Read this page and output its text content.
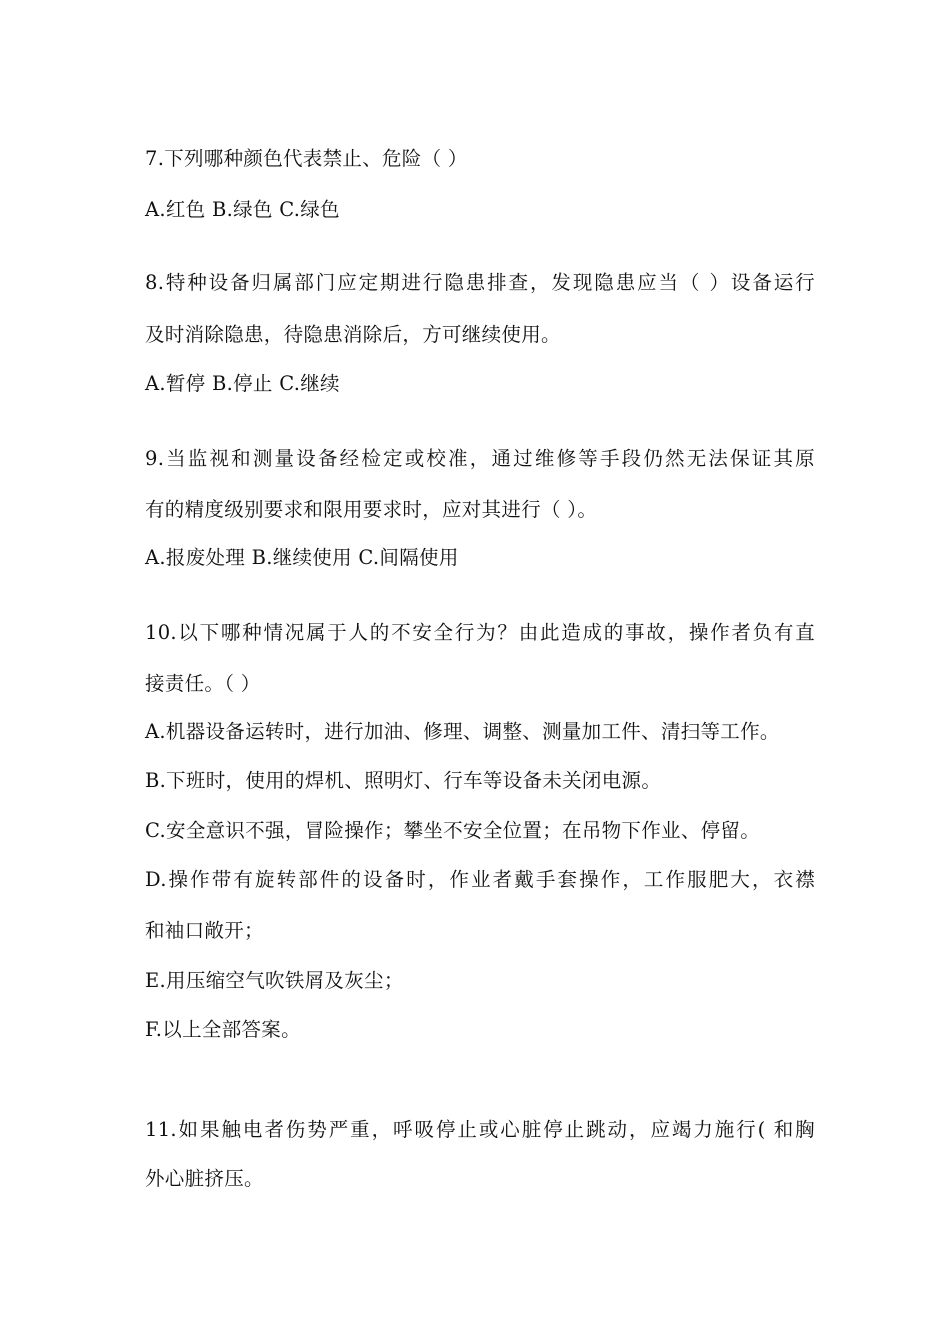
7.下列哪种颜色代表禁止、危险（ ）
A.红色 B.绿色 C.绿色
8.特种设备归属部门应定期进行隐患排查，发现隐患应当（ ）设备运行
及时消除隐患，待隐患消除后，方可继续使用。
A.暂停 B.停止 C.继续
9.当监视和测量设备经检定或校准，通过维修等手段仍然无法保证其原
有的精度级别要求和限用要求时，应对其进行（ ）。
A.报废处理 B.继续使用 C.间隔使用
10.以下哪种情况属于人的不安全行为？由此造成的事故，操作者负有直
接责任。（ ）
A.机器设备运转时，进行加油、修理、调整、测量加工件、清扫等工作。
B.下班时，使用的焊机、照明灯、行车等设备未关闭电源。
C.安全意识不强，冒险操作；攀坐不安全位置；在吊物下作业、停留。
D.操作带有旋转部件的设备时，作业者戴手套操作，工作服肥大，衣襟
和袖口敞开；
E.用压缩空气吹铁屑及灰尘；
F.以上全部答案。
11.如果触电者伤势严重，呼吸停止或心脏停止跳动，应竭力施行( 和胸
外心脏挤压。
